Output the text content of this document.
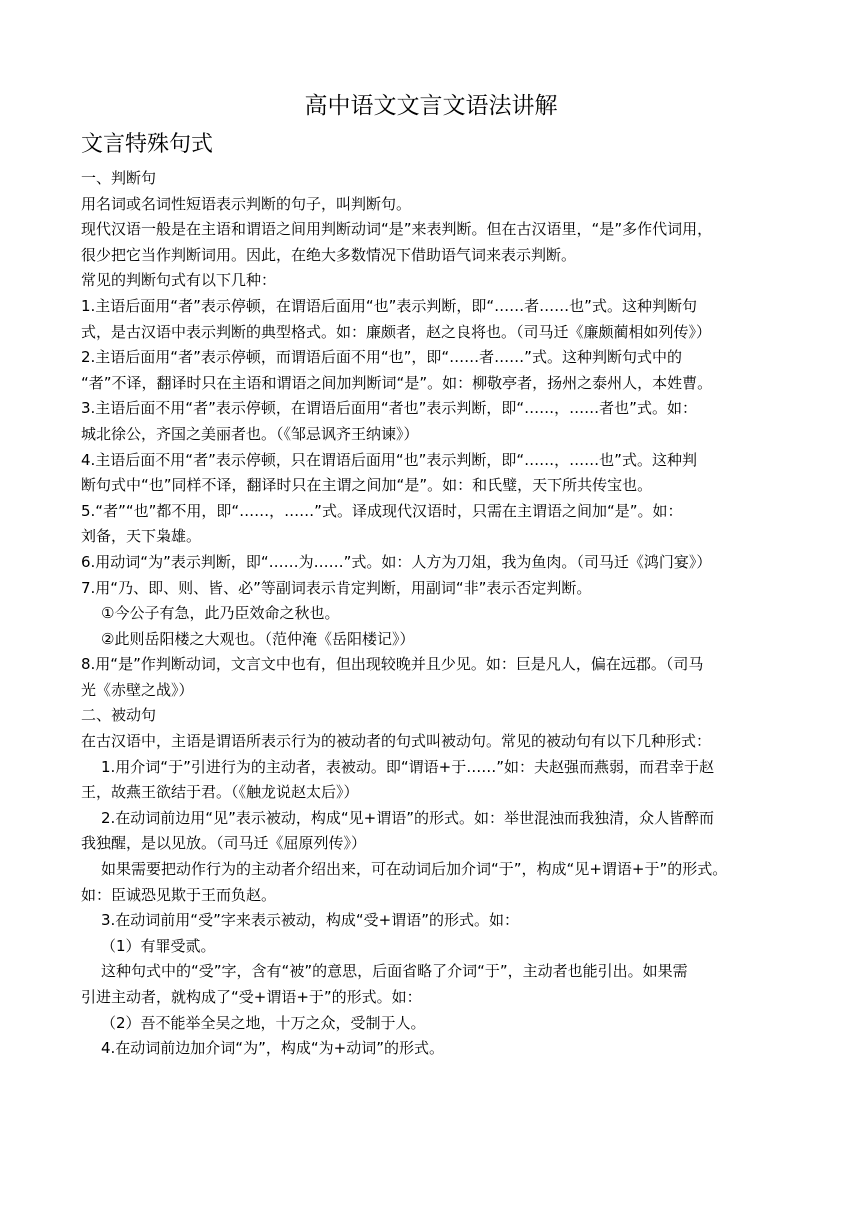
高中语文文言文语法讲解
文言特殊句式

一、判断句

用名词或名词性短语表示判断的句子，叫判断句。

现代汉语一般是在主语和谓语之间用判断动词“是”来表判断。但在古汉语里，“是”多作代词用，

很少把它当作判断词用。因此，在绝大多数情况下借助语气词来表示判断。

常见的判断句式有以下几种：

1.主语后面用“者”表示停顿，在谓语后面用“也”表示判断，即“……者……也”式。这种判断句

式，是古汉语中表示判断的典型格式。如：廉颇者，赵之良将也。（司马迁《廉颇蔺相如列传》）

2.主语后面用“者”表示停顿，而谓语后面不用“也”，即“……者……”式。这种判断句式中的

“者”不译，翻译时只在主语和谓语之间加判断词“是”。如：柳敬亭者，扬州之泰州人，本姓曹。

3.主语后面不用“者”表示停顿，在谓语后面用“者也”表示判断，即“……，……者也”式。如：

城北徐公，齐国之美丽者也。（《邹忌讽齐王纳谏》）

4.主语后面不用“者”表示停顿，只在谓语后面用“也”表示判断，即“……，……也”式。这种判

断句式中“也”同样不译，翻译时只在主谓之间加“是”。如：和氏璧，天下所共传宝也。

5.“者”“也”都不用，即“……，……”式。译成现代汉语时，只需在主谓语之间加“是”。如：

刘备，天下枭雄。

6.用动词“为”表示判断，即“……为……”式。如：人方为刀俎，我为鱼肉。（司马迁《鸿门宴》）

7.用“乃、即、则、皆、必”等副词表示肯定判断，用副词“非”表示否定判断。

①今公子有急，此乃臣效命之秋也。

②此则岳阳楼之大观也。（范仲淹《岳阳楼记》）

8.用“是”作判断动词，文言文中也有，但出现较晚并且少见。如：巨是凡人，偏在远郡。（司马

光《赤壁之战》）

二、被动句

在古汉语中，主语是谓语所表示行为的被动者的句式叫被动句。常见的被动句有以下几种形式：

1.用介词“于”引进行为的主动者，表被动。即“谓语+于……”如：夫赵强而燕弱，而君幸于赵

王，故燕王欲结于君。（《触龙说赵太后》）

2.在动词前边用“见”表示被动，构成“见+谓语”的形式。如：举世混浊而我独清，众人皆醉而

我独醒，是以见放。（司马迁《屈原列传》）

如果需要把动作行为的主动者介绍出来，可在动词后加介词“于”，构成“见+谓语+于”的形式。

如：臣诚恐见欺于王而负赵。

3.在动词前用“受”字来表示被动，构成“受+谓语”的形式。如：

（1）有罪受贰。

这种句式中的“受”字，含有“被”的意思，后面省略了介词“于”，主动者也能引出。如果需

引进主动者，就构成了“受+谓语+于”的形式。如：

（2）吾不能举全吴之地，十万之众，受制于人。

4.在动词前边加介词“为”，构成“为+动词”的形式。
